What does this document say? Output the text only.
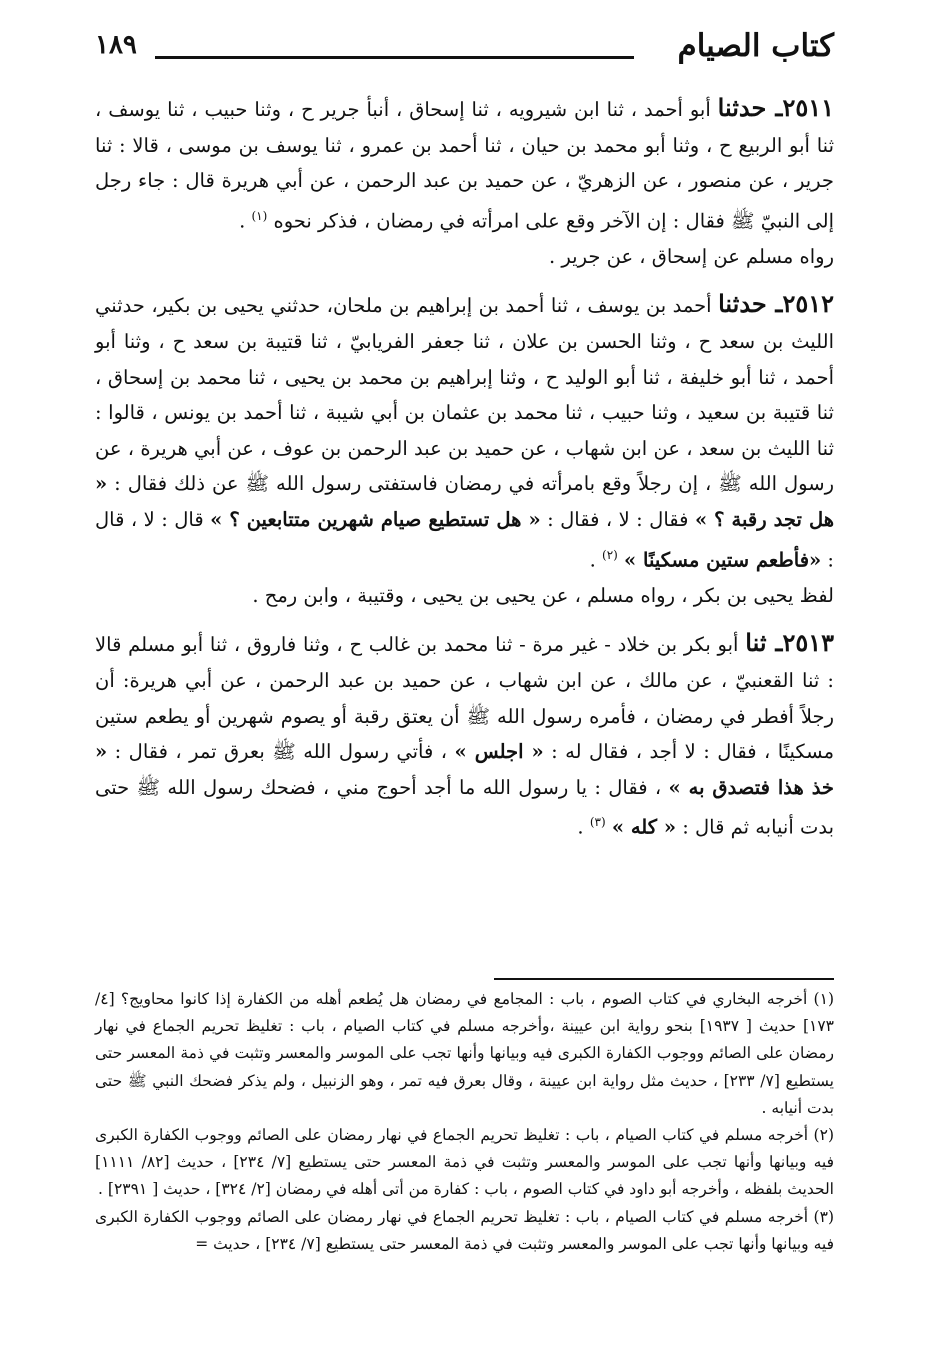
كتاب الصيام
١٨٩

٢٥١١ـ حدثنا أبو أحمد ، ثنا ابن شيرويه ، ثنا إسحاق ، أنبأ جرير ح ، وثنا حبيب ، ثنا يوسف ، ثنا أبو الربيع ح ، وثنا أبو محمد بن حيان ، ثنا أحمد بن عمرو ، ثنا يوسف بن موسى ، قالا : ثنا جرير ، عن منصور ، عن الزهريّ ، عن حميد بن عبد الرحمن ، عن أبي هريرة قال : جاء رجل إلى النبيّ ﷺ فقال : إن الآخر وقع على امرأته في رمضان ، فذكر نحوه $^{(١)}$ .

رواه مسلم عن إسحاق ، عن جرير .

٢٥١٢ـ حدثنا أحمد بن يوسف ، ثنا أحمد بن إبراهيم بن ملحان، حدثني يحيى بن بكير، حدثني الليث بن سعد ح ، وثنا الحسن بن علان ، ثنا جعفر الفريابيّ ، ثنا قتيبة بن سعد ح ، وثنا أبو أحمد ، ثنا أبو خليفة ، ثنا أبو الوليد ح ، وثنا إبراهيم بن محمد بن يحيى ، ثنا محمد بن إسحاق ، ثنا قتيبة بن سعيد ، وثنا حبيب ، ثنا محمد بن عثمان بن أبي شيبة ، ثنا أحمد بن يونس ، قالوا : ثنا الليث بن سعد ، عن ابن شهاب ، عن حميد بن عبد الرحمن بن عوف ، عن أبي هريرة ، عن رسول الله ﷺ ، إن رجلاً وقع بامرأته في رمضان فاستفتى رسول الله ﷺ عن ذلك فقال : « هل تجد رقبة ؟ » فقال : لا ، فقال : « هل تستطيع صيام شهرين متتابعين ؟ » قال : لا ، قال : «فأطعم ستين مسكينًا » $^{(٢)}$ .

لفظ يحيى بن بكر ، رواه مسلم ، عن يحيى بن يحيى ، وقتيبة ، وابن رمح .

٢٥١٣ـ ثنا أبو بكر بن خلاد - غير مرة - ثنا محمد بن غالب ح ، وثنا فاروق ، ثنا أبو مسلم قالا : ثنا القعنبيّ ، عن مالك ، عن ابن شهاب ، عن حميد بن عبد الرحمن ، عن أبي هريرة: أن رجلاً أفطر في رمضان ، فأمره رسول الله ﷺ أن يعتق رقبة أو يصوم شهرين أو يطعم ستين مسكينًا ، فقال : لا أجد ، فقال له : « اجلس » ، فأتي رسول الله ﷺ بعرق تمر ، فقال : « خذ هذا فتصدق به » ، فقال : يا رسول الله ما أجد أحوج مني ، فضحك رسول الله ﷺ حتى بدت أنيابه ثم قال : « كله » $^{(٣)}$ .

(١) أخرجه البخاري في كتاب الصوم ، باب : المجامع في رمضان هل يُطعم أهله من الكفارة إذا كانوا محاويج؟ [٤/ ١٧٣] حديث [ ١٩٣٧] بنحو رواية ابن عيينة ،وأخرجه مسلم في كتاب الصيام ، باب : تغليظ تحريم الجماع في نهار رمضان على الصائم ووجوب الكفارة الكبرى فيه وبيانها وأنها تجب على الموسر والمعسر وتثبت في ذمة المعسر حتى يستطيع [٧/ ٢٣٣] ، حديث مثل رواية ابن عيينة ، وقال بعرق فيه تمر ، وهو الزنبيل ، ولم يذكر فضحك النبي ﷺ حتى بدت أنيابه .

(٢) أخرجه مسلم في كتاب الصيام ، باب : تغليظ تحريم الجماع في نهار رمضان على الصائم ووجوب الكفارة الكبرى فيه وبيانها وأنها تجب على الموسر والمعسر وتثبت في ذمة المعسر حتى يستطيع [٧/ ٢٣٤] ، حديث [٨٢/ ١١١١] الحديث بلفظه ، وأخرجه أبو داود في كتاب الصوم ، باب : كفارة من أتى أهله في رمضان [٢/ ٣٢٤] ، حديث [ ٢٣٩١] .

(٣) أخرجه مسلم في كتاب الصيام ، باب : تغليظ تحريم الجماع في نهار رمضان على الصائم ووجوب الكفارة الكبرى فيه وبيانها وأنها تجب على الموسر والمعسر وتثبت في ذمة المعسر حتى يستطيع [٧/ ٢٣٤] ، حديث =
